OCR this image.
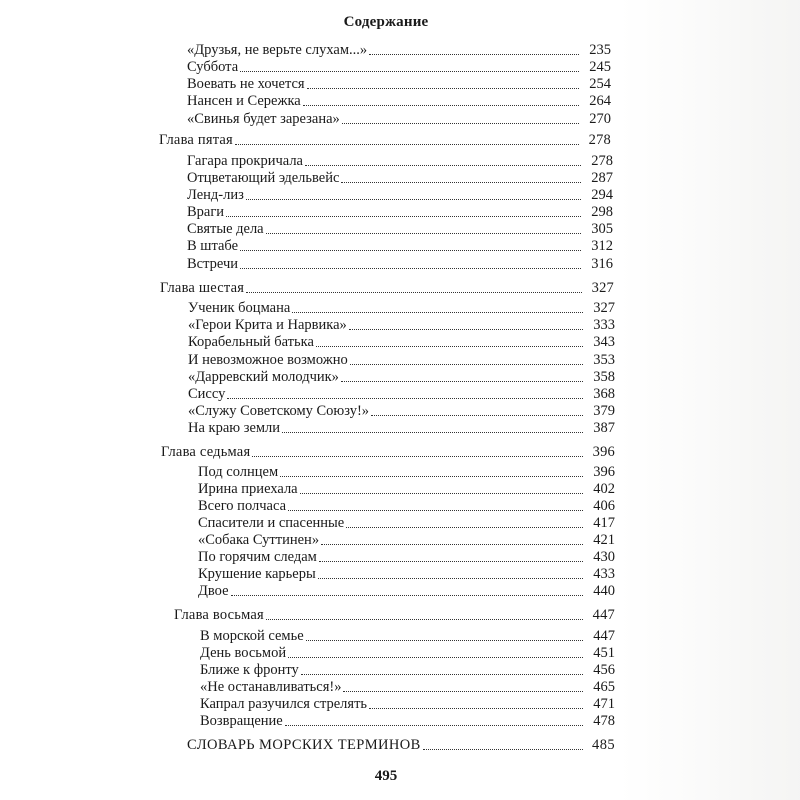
Содержание
«Друзья, не верьте слухам...»	235
Суббота	245
Воевать не хочется	254
Нансен и Сережка	264
«Свинья будет зарезана»	270
Глава пятая	278
Гагара прокричала	278
Отцветающий эдельвейс	287
Ленд-лиз	294
Враги	298
Святые дела	305
В штабе	312
Встречи	316
Глава шестая	327
Ученик боцмана	327
«Герои Крита и Нарвика»	333
Корабельный батька	343
И невозможное возможно	353
«Дарревский молодчик»	358
Сиссу	368
«Служу Советскому Союзу!»	379
На краю земли	387
Глава седьмая	396
Под солнцем	396
Ирина приехала	402
Всего полчаса	406
Спасители и спасенные	417
«Собака Суттинен»	421
По горячим следам	430
Крушение карьеры	433
Двое	440
Глава восьмая	447
В морской семье	447
День восьмой	451
Ближе к фронту	456
«Не останавливаться!»	465
Капрал разучился стрелять	471
Возвращение	478
СЛОВАРЬ МОРСКИХ ТЕРМИНОВ	485
495
